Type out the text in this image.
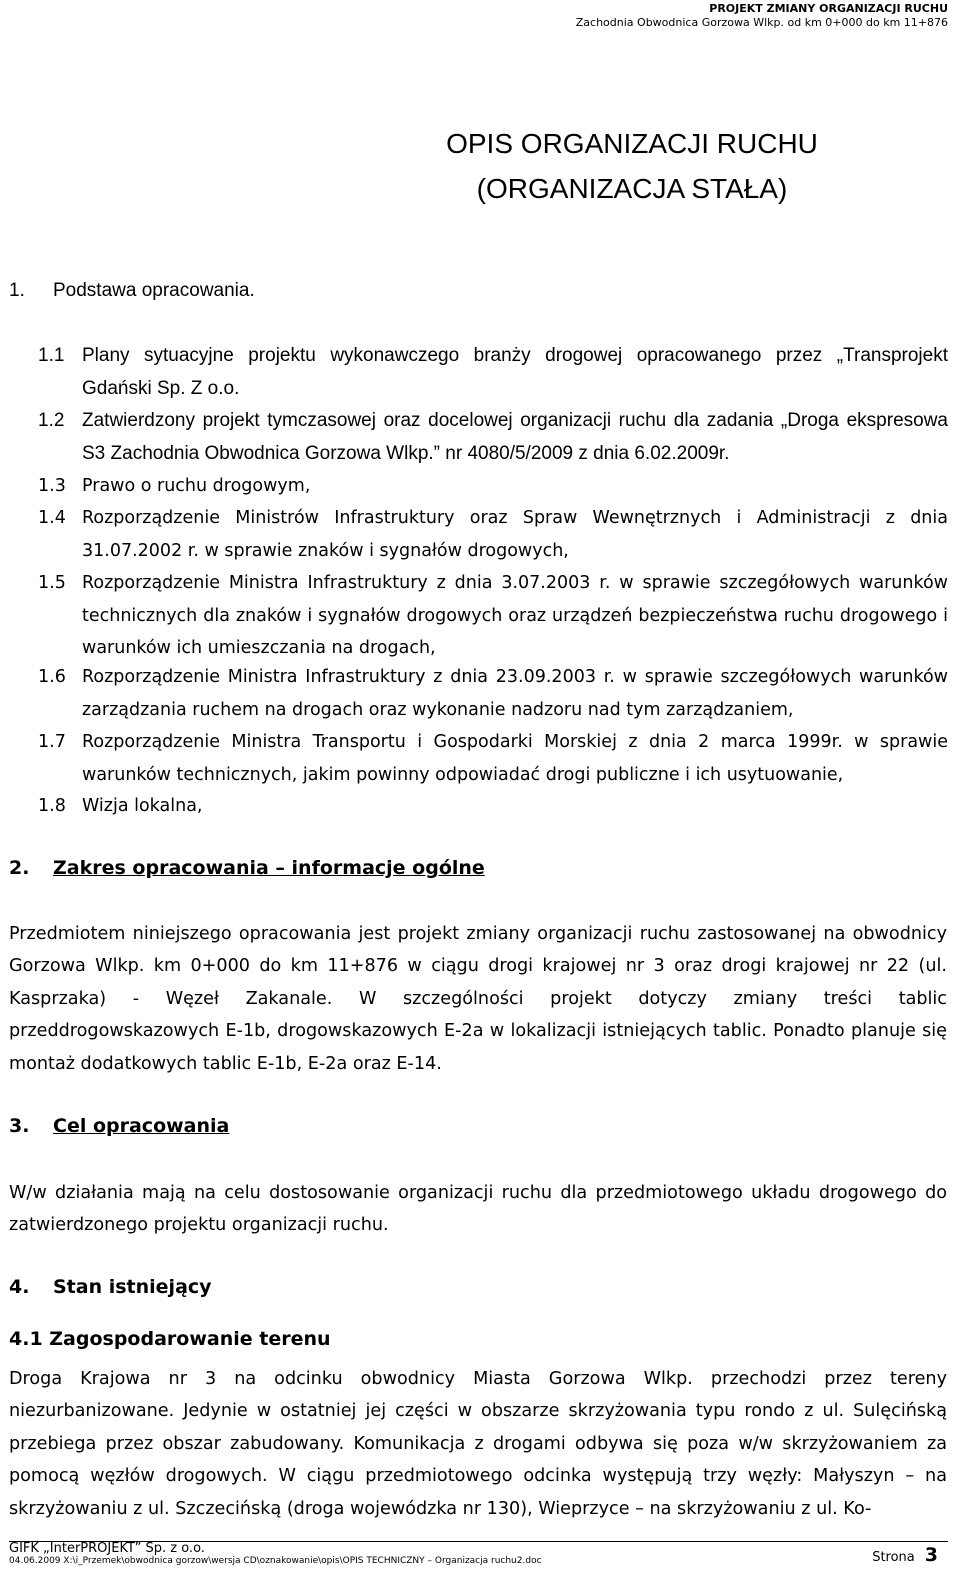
PROJEKT ZMIANY ORGANIZACJI RUCHU
Zachodnia Obwodnica Gorzowa Wlkp. od km 0+000 do km 11+876
OPIS ORGANIZACJI RUCHU
(ORGANIZACJA STAŁA)
1. Podstawa opracowania.
1.1 Plany sytuacyjne projektu wykonawczego branży drogowej opracowanego przez „Transprojekt Gdański Sp. Z o.o.
1.2 Zatwierdzony projekt tymczasowej oraz docelowej organizacji ruchu dla zadania „Droga ekspresowa S3 Zachodnia Obwodnica Gorzowa Wlkp.” nr 4080/5/2009 z dnia 6.02.2009r.
1.3 Prawo o ruchu drogowym,
1.4 Rozporządzenie Ministrów Infrastruktury oraz Spraw Wewnętrznych i Administracji z dnia 31.07.2002 r. w sprawie znaków i sygnałów drogowych,
1.5 Rozporządzenie Ministra Infrastruktury z dnia 3.07.2003 r. w sprawie szczegółowych warunków technicznych dla znaków i sygnałów drogowych oraz urządzeń bezpieczeństwa ruchu drogowego i warunków ich umieszczania na drogach,
1.6 Rozporządzenie Ministra Infrastruktury z dnia 23.09.2003 r. w sprawie szczegółowych warunków zarządzania ruchem na drogach oraz wykonanie nadzoru nad tym zarządzaniem,
1.7 Rozporządzenie Ministra Transportu i Gospodarki Morskiej z dnia 2 marca 1999r. w sprawie warunków technicznych, jakim powinny odpowiadać drogi publiczne i ich usytuowanie,
1.8 Wizja lokalna,
2. Zakres opracowania – informacje ogólne
Przedmiotem niniejszego opracowania jest projekt zmiany organizacji ruchu zastosowanej na obwodnicy Gorzowa Wlkp. km 0+000 do km 11+876 w ciągu drogi krajowej nr 3 oraz drogi krajowej nr 22 (ul. Kasprzaka) - Węzeł Zakanale. W szczególności projekt dotyczy zmiany treści tablic przeddrogowskazowych E-1b, drogowskazowych E-2a w lokalizacji istniejących tablic. Ponadto planuje się montaż dodatkowych tablic E-1b, E-2a oraz E-14.
3. Cel opracowania
W/w działania mają na celu dostosowanie organizacji ruchu dla przedmiotowego układu drogowego do zatwierdzonego projektu organizacji ruchu.
4. Stan istniejący
4.1 Zagospodarowanie terenu
Droga Krajowa nr 3 na odcinku obwodnicy Miasta Gorzowa Wlkp. przechodzi przez tereny niezurbanizowane. Jedynie w ostatniej jej części w obszarze skrzyżowania typu rondo z ul. Sulęcińską przebiega przez obszar zabudowany. Komunikacja z drogami odbywa się poza w/w skrzyżowaniem za pomocą węzłów drogowych. W ciągu przedmiotowego odcinka występują trzy węzły: Małyszyn – na skrzyżowaniu z ul. Szczecińską (droga wojewódzka nr 130), Wieprzyce – na skrzyżowaniu z ul. Ko-
GIFK „InterPROJEKT” Sp. z o.o.
04.06.2009 X:\i_Przemek\obwodnica gorzow\wersja CD\oznakowanie\opis\OPIS TECHNICZNY – Organizacja ruchu2.doc	Strona 3
